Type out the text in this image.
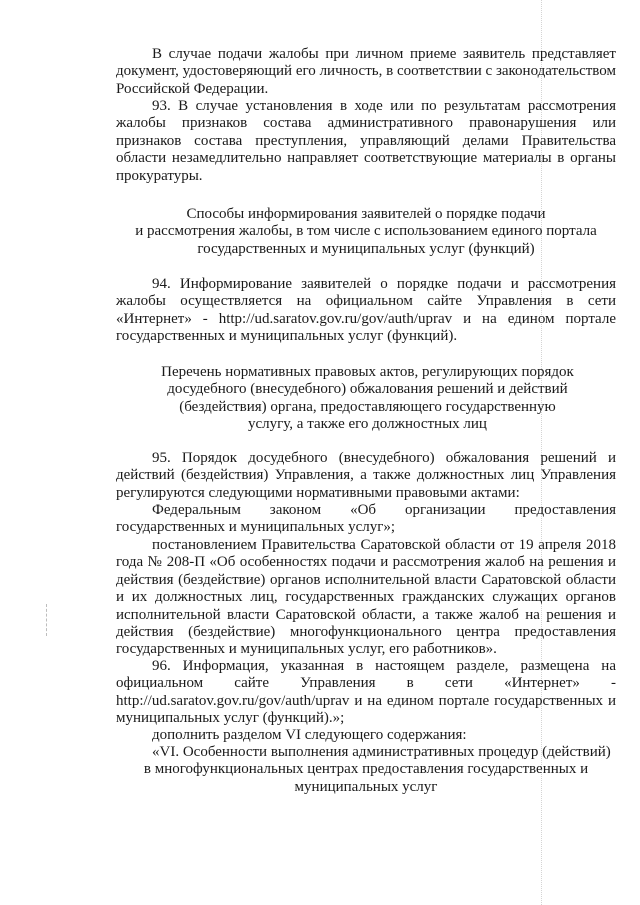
В случае подачи жалобы при личном приеме заявитель представляет документ, удостоверяющий его личность, в соответствии с законодательством Российской Федерации.

93. В случае установления в ходе или по результатам рассмотрения жалобы признаков состава административного правонарушения или признаков состава преступления, управляющий делами Правительства области незамедлительно направляет соответствующие материалы в органы прокуратуры.

Способы информирования заявителей о порядке подачи
и рассмотрения жалобы, в том числе с использованием единого портала
государственных и муниципальных услуг (функций)

94. Информирование заявителей о порядке подачи и рассмотрения жалобы осуществляется на официальном сайте Управления в сети «Интернет» - http://ud.saratov.gov.ru/gov/auth/uprav и на едином портале государственных и муниципальных услуг (функций).

Перечень нормативных правовых актов, регулирующих порядок
досудебного (внесудебного) обжалования решений и действий
(бездействия) органа, предоставляющего государственную
услугу, а также его должностных лиц

95. Порядок досудебного (внесудебного) обжалования решений и действий (бездействия) Управления, а также должностных лиц Управления регулируются следующими нормативными правовыми актами:

Федеральным законом «Об организации предоставления государственных и муниципальных услуг»;

постановлением Правительства Саратовской области от 19 апреля 2018 года № 208-П «Об особенностях подачи и рассмотрения жалоб на решения и действия (бездействие) органов исполнительной власти Саратовской области и их должностных лиц, государственных гражданских служащих органов исполнительной власти Саратовской области, а также жалоб на решения и действия (бездействие) многофункционального центра предоставления государственных и муниципальных услуг, его работников».

96. Информация, указанная в настоящем разделе, размещена на официальном сайте Управления в сети «Интернет» - http://ud.saratov.gov.ru/gov/auth/uprav и на едином портале государственных и муниципальных услуг (функций).»;

дополнить разделом VI следующего содержания:

«VI. Особенности выполнения административных процедур (действий)
в многофункциональных центрах предоставления государственных и
муниципальных услуг
